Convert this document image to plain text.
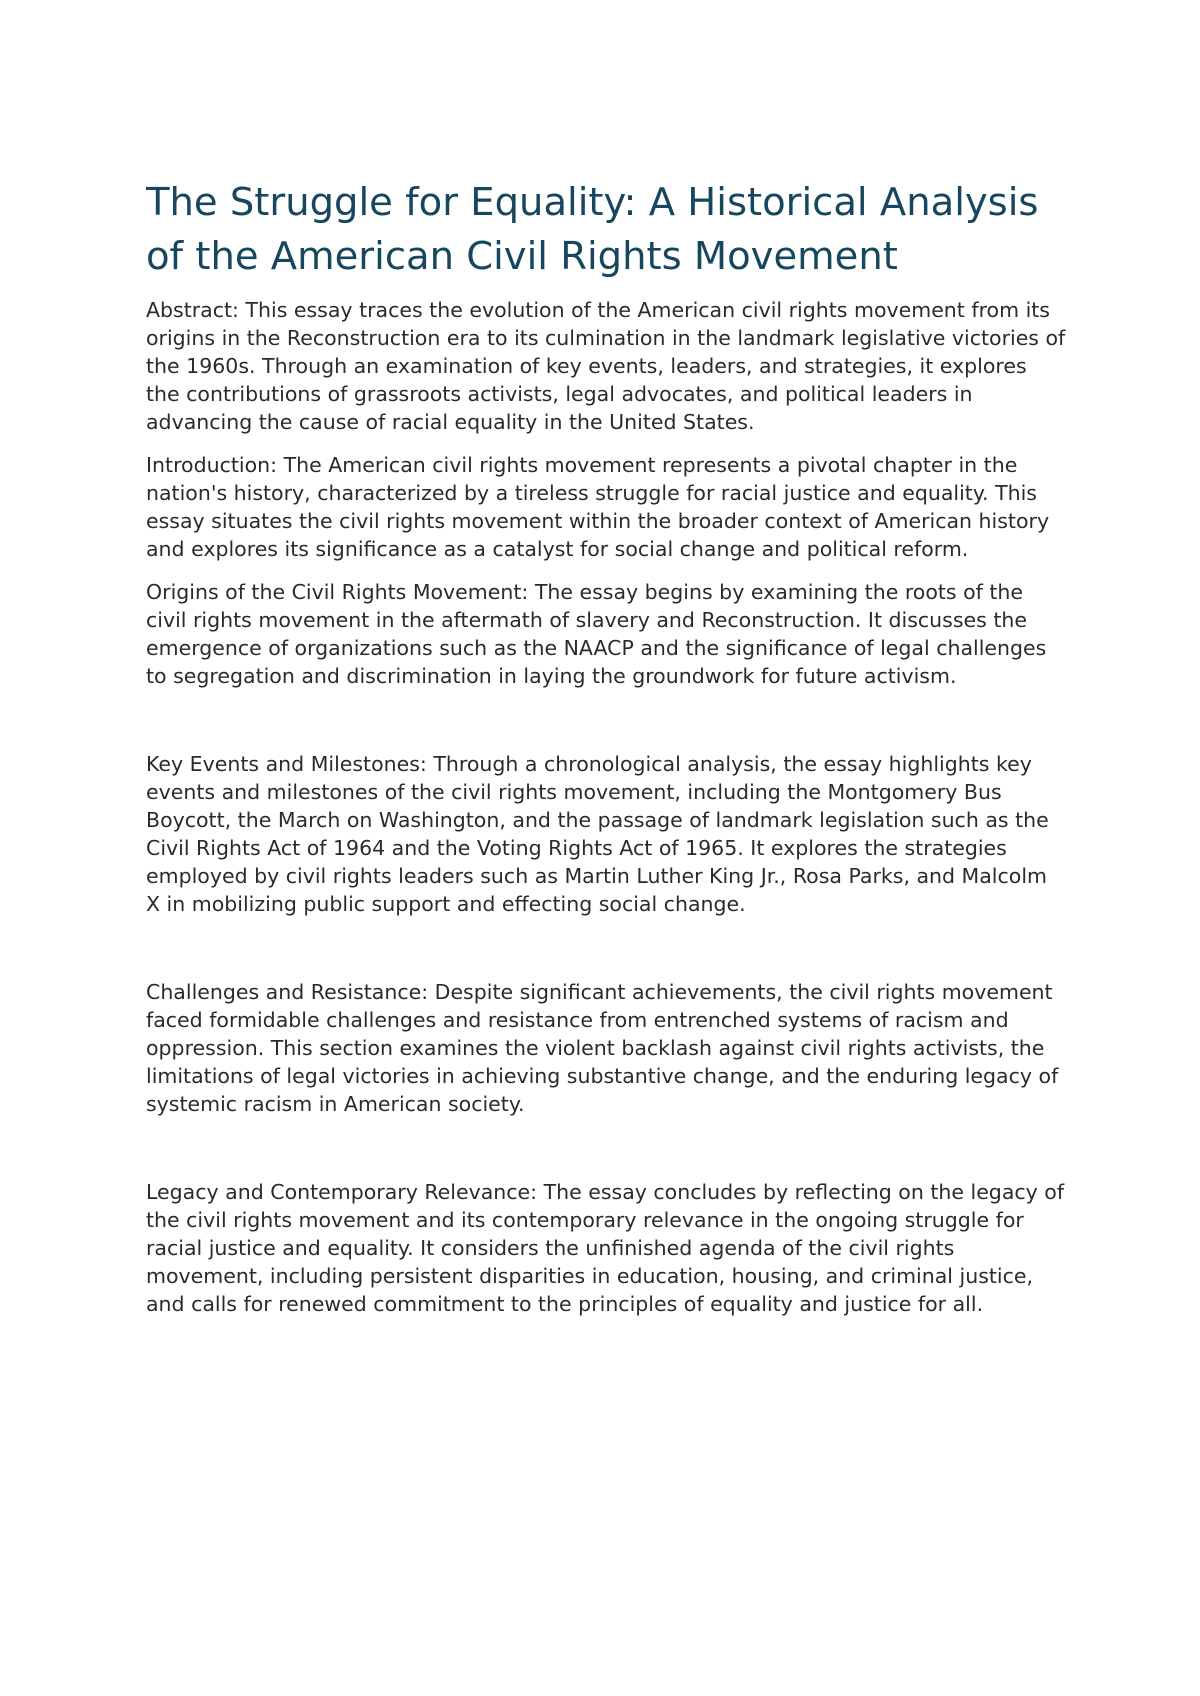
The Struggle for Equality: A Historical Analysis of the American Civil Rights Movement

Abstract: This essay traces the evolution of the American civil rights movement from its origins in the Reconstruction era to its culmination in the landmark legislative victories of the 1960s. Through an examination of key events, leaders, and strategies, it explores the contributions of grassroots activists, legal advocates, and political leaders in advancing the cause of racial equality in the United States.

Introduction: The American civil rights movement represents a pivotal chapter in the nation's history, characterized by a tireless struggle for racial justice and equality. This essay situates the civil rights movement within the broader context of American history and explores its significance as a catalyst for social change and political reform.

Origins of the Civil Rights Movement: The essay begins by examining the roots of the civil rights movement in the aftermath of slavery and Reconstruction. It discusses the emergence of organizations such as the NAACP and the significance of legal challenges to segregation and discrimination in laying the groundwork for future activism.

Key Events and Milestones: Through a chronological analysis, the essay highlights key events and milestones of the civil rights movement, including the Montgomery Bus Boycott, the March on Washington, and the passage of landmark legislation such as the Civil Rights Act of 1964 and the Voting Rights Act of 1965. It explores the strategies employed by civil rights leaders such as Martin Luther King Jr., Rosa Parks, and Malcolm X in mobilizing public support and effecting social change.

Challenges and Resistance: Despite significant achievements, the civil rights movement faced formidable challenges and resistance from entrenched systems of racism and oppression. This section examines the violent backlash against civil rights activists, the limitations of legal victories in achieving substantive change, and the enduring legacy of systemic racism in American society.

Legacy and Contemporary Relevance: The essay concludes by reflecting on the legacy of the civil rights movement and its contemporary relevance in the ongoing struggle for racial justice and equality. It considers the unfinished agenda of the civil rights movement, including persistent disparities in education, housing, and criminal justice, and calls for renewed commitment to the principles of equality and justice for all.
